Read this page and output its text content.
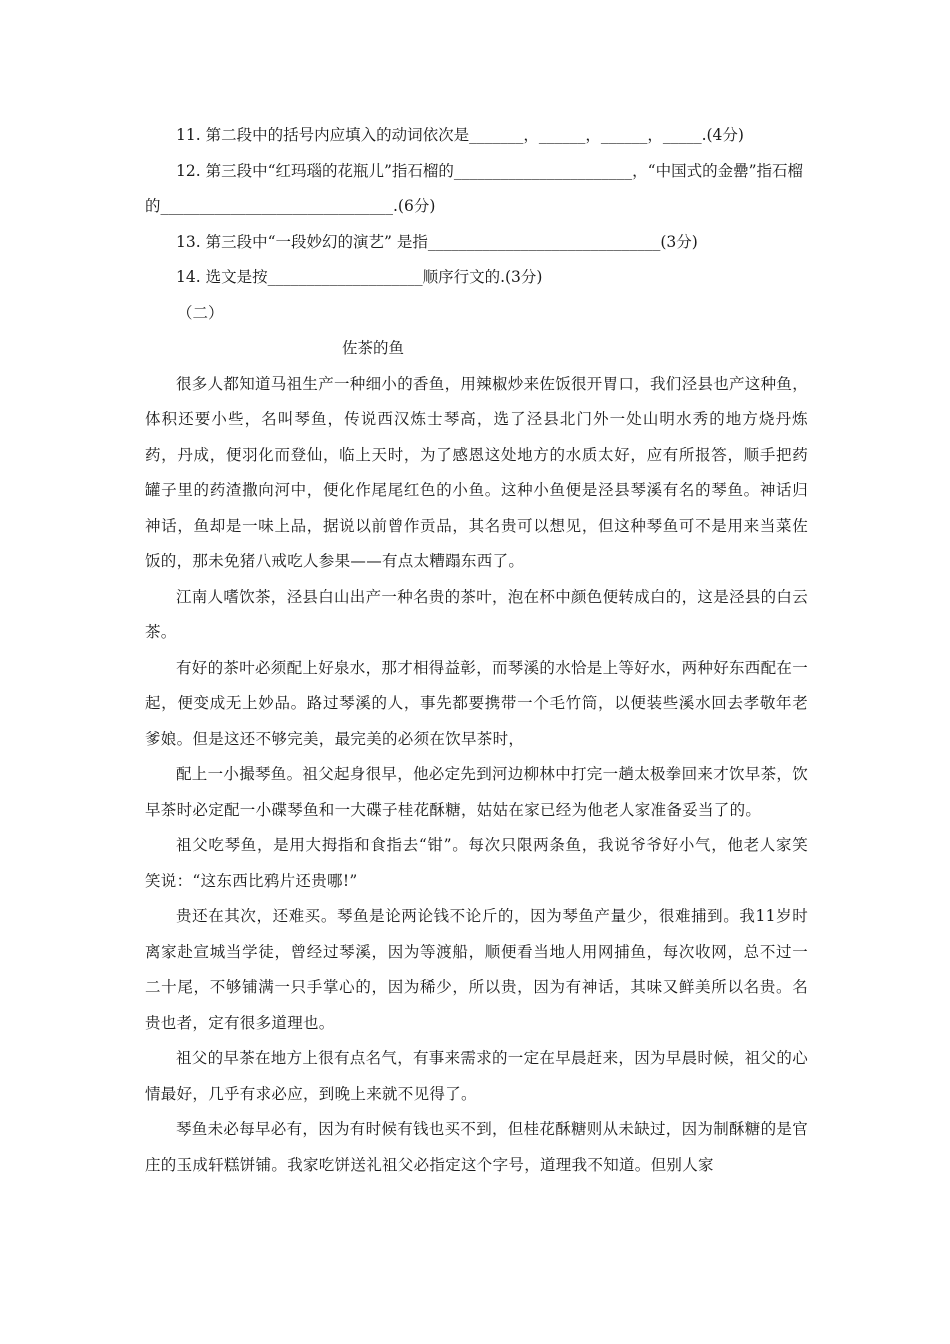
11. 第二段中的括号内应填入的动词依次是_______，______，______，_____.(4分)

12. 第三段中“红玛瑙的花瓶儿”指石榴的_______________________，“中国式的金罍”指石榴的______________________________.(6分)

13. 第三段中“一段妙幻的演艺” 是指______________________________(3分)

14. 选文是按____________________顺序行文的.(3分)

（二）

佐茶的鱼

很多人都知道马祖生产一种细小的香鱼，用辣椒炒来佐饭很开胃口，我们泾县也产这种鱼，体积还要小些，名叫琴鱼，传说西汉炼士琴高，选了泾县北门外一处山明水秀的地方烧丹炼药，丹成，便羽化而登仙，临上天时，为了感恩这处地方的水质太好，应有所报答，顺手把药罐子里的药渣撒向河中，便化作尾尾红色的小鱼。这种小鱼便是泾县琴溪有名的琴鱼。神话归神话，鱼却是一味上品，据说以前曾作贡品，其名贵可以想见，但这种琴鱼可不是用来当菜佐饭的，那未免猪八戒吃人参果——有点太糟蹋东西了。

江南人嗜饮茶，泾县白山出产一种名贵的茶叶，泡在杯中颜色便转成白的，这是泾县的白云茶。

有好的茶叶必须配上好泉水，那才相得益彰，而琴溪的水恰是上等好水，两种好东西配在一起，便变成无上妙品。路过琴溪的人，事先都要携带一个毛竹筒，以便装些溪水回去孝敬年老爹娘。但是这还不够完美，最完美的必须在饮早茶时，

配上一小撮琴鱼。祖父起身很早，他必定先到河边柳林中打完一趟太极拳回来才饮早茶，饮早茶时必定配一小碟琴鱼和一大碟子桂花酥糖，姑姑在家已经为他老人家准备妥当了的。

祖父吃琴鱼，是用大拇指和食指去“钳”。每次只限两条鱼，我说爷爷好小气，他老人家笑笑说：“这东西比鸦片还贵哪!”

贵还在其次，还难买。琴鱼是论两论钱不论斤的，因为琴鱼产量少，很难捕到。我11岁时离家赴宣城当学徒，曾经过琴溪，因为等渡船，顺便看当地人用网捕鱼，每次收网，总不过一二十尾，不够铺满一只手掌心的，因为稀少，所以贵，因为有神话，其味又鲜美所以名贵。名贵也者，定有很多道理也。

祖父的早茶在地方上很有点名气，有事来需求的一定在早晨赶来，因为早晨时候，祖父的心情最好，几乎有求必应，到晚上来就不见得了。

琴鱼未必每早必有，因为有时候有钱也买不到，但桂花酥糖则从未缺过，因为制酥糖的是官庄的玉成轩糕饼铺。我家吃饼送礼祖父必指定这个字号，道理我不知道。但别人家
